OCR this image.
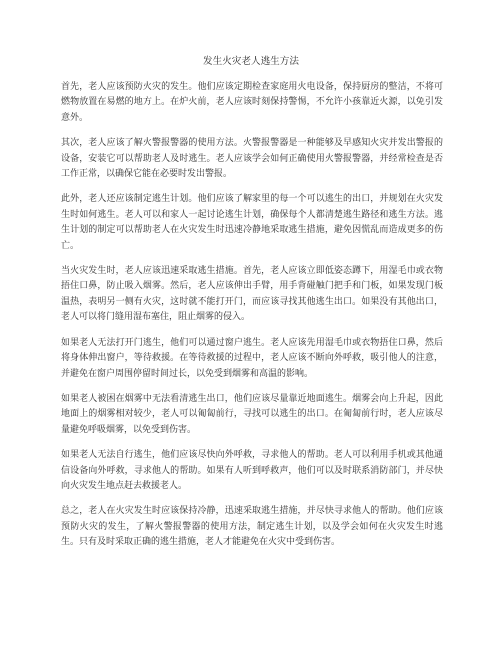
发生火灾老人逃生方法

首先，老人应该预防火灾的发生。他们应该定期检查家庭用火电设备，保持厨房的整洁，不将可燃物放置在易燃的地方上。在炉火前，老人应该时刻保持警惕，不允许小孩靠近火源，以免引发意外。

其次，老人应该了解火警报警器的使用方法。火警报警器是一种能够及早感知火灾并发出警报的设备，安装它可以帮助老人及时逃生。老人应该学会如何正确使用火警报警器，并经常检查是否工作正常，以确保它能在必要时发出警报。

此外，老人还应该制定逃生计划。他们应该了解家里的每一个可以逃生的出口，并规划在火灾发生时如何逃生。老人可以和家人一起讨论逃生计划，确保每个人都清楚逃生路径和逃生方法。逃生计划的制定可以帮助老人在火灾发生时迅速冷静地采取逃生措施，避免因慌乱而造成更多的伤亡。

当火灾发生时，老人应该迅速采取逃生措施。首先，老人应该立即低姿态蹲下，用湿毛巾或衣物捂住口鼻，防止吸入烟雾。然后，老人应该伸出手臂，用手背碰触门把手和门板，如果发现门板温热，表明另一侧有火灾，这时就不能打开门，而应该寻找其他逃生出口。如果没有其他出口，老人可以将门缝用湿布塞住，阻止烟雾的侵入。

如果老人无法打开门逃生，他们可以通过窗户逃生。老人应该先用湿毛巾或衣物捂住口鼻，然后将身体伸出窗户，等待救援。在等待救援的过程中，老人应该不断向外呼救，吸引他人的注意，并避免在窗户周围停留时间过长，以免受到烟雾和高温的影响。

如果老人被困在烟雾中无法看清逃生出口，他们应该尽量靠近地面逃生。烟雾会向上升起，因此地面上的烟雾相对较少，老人可以匍匐前行，寻找可以逃生的出口。在匍匐前行时，老人应该尽量避免呼吸烟雾，以免受到伤害。

如果老人无法自行逃生，他们应该尽快向外呼救，寻求他人的帮助。老人可以利用手机或其他通信设备向外呼救，寻求他人的帮助。如果有人听到呼救声，他们可以及时联系消防部门，并尽快向火灾发生地点赶去救援老人。

总之，老人在火灾发生时应该保持冷静，迅速采取逃生措施，并尽快寻求他人的帮助。他们应该预防火灾的发生，了解火警报警器的使用方法，制定逃生计划，以及学会如何在火灾发生时逃生。只有及时采取正确的逃生措施，老人才能避免在火灾中受到伤害。
